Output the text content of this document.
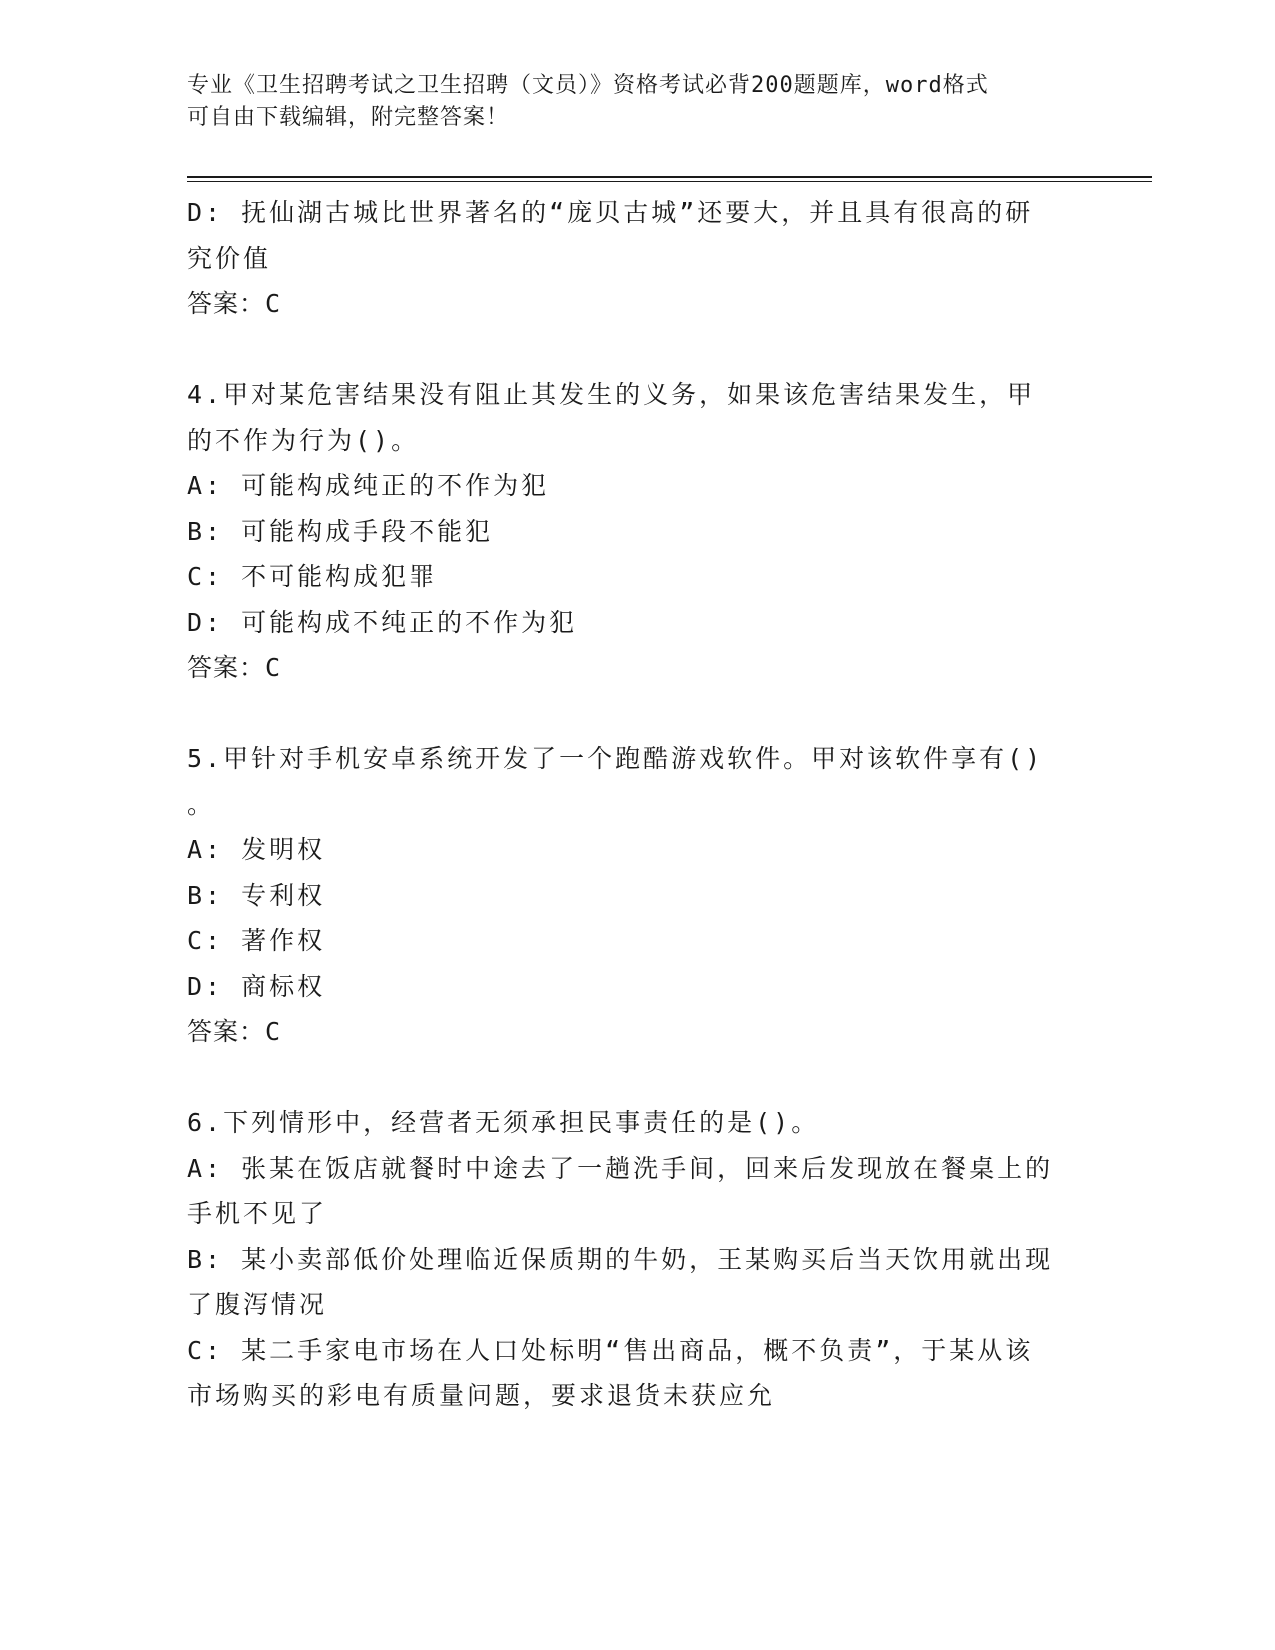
专业《卫生招聘考试之卫生招聘（文员）》资格考试必背200题题库，word格式
可自由下载编辑，附完整答案！
D: 抚仙湖古城比世界著名的“庞贝古城”还要大，并且具有很高的研
究价值
答案：C
4.甲对某危害结果没有阻止其发生的义务，如果该危害结果发生，甲
的不作为行为()。
A: 可能构成纯正的不作为犯
B: 可能构成手段不能犯
C: 不可能构成犯罪
D: 可能构成不纯正的不作为犯
答案：C
5.甲针对手机安卓系统开发了一个跑酷游戏软件。甲对该软件享有()
。
A: 发明权
B: 专利权
C: 著作权
D: 商标权
答案：C
6.下列情形中，经营者无须承担民事责任的是()。
A: 张某在饭店就餐时中途去了一趟洗手间，回来后发现放在餐桌上的
手机不见了
B: 某小卖部低价处理临近保质期的牛奶，王某购买后当天饮用就出现
了腹泻情况
C: 某二手家电市场在人口处标明“售出商品，概不负责”，于某从该
市场购买的彩电有质量问题，要求退货未获应允
